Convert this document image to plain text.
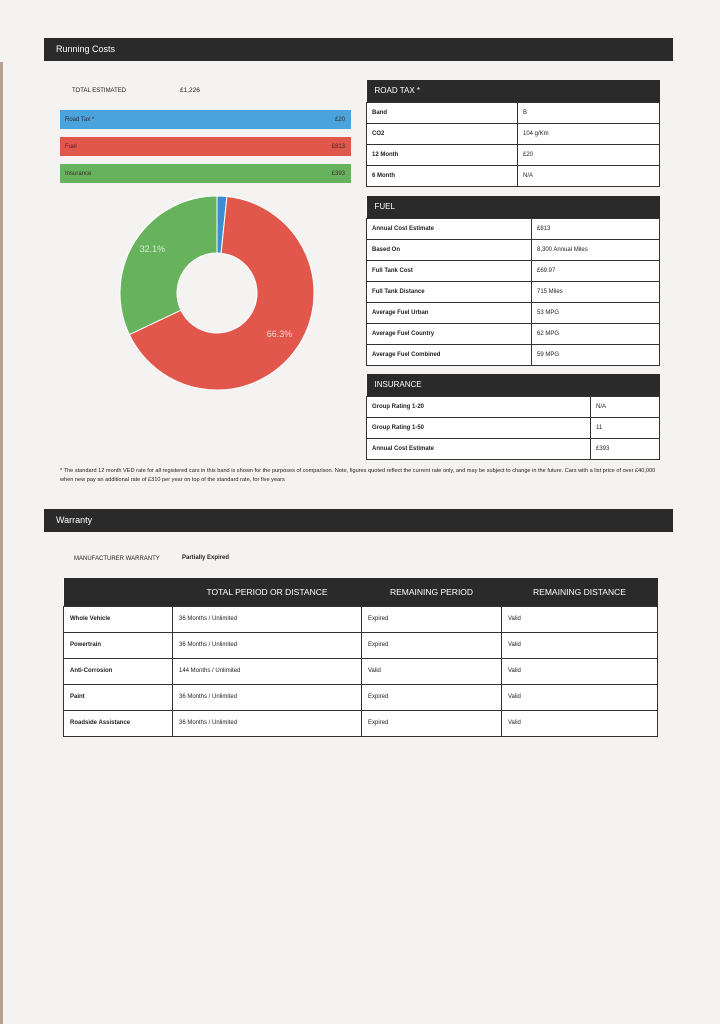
Running Costs
TOTAL ESTIMATED	£1,226
Road Tax *	£20
Fuel	£813
Insurance	£393
66.3%
32.1%
ROAD TAX *	
Band	B
CO2	104 g/Km
12 Month	£20
6 Month	N/A
FUEL	
Annual Cost Estimate	£813
Based On	8,300 Annual Miles
Full Tank Cost	£69.97
Full Tank Distance	715 Miles
Average Fuel Urban	53 MPG
Average Fuel Country	62 MPG
Average Fuel Combined	59 MPG
INSURANCE	
Group Rating 1-20	N/A
Group Rating 1-50	11
Annual Cost Estimate	£393
* The standard 12 month VED rate for all registered cars in this band is shown for the purposes of comparison. Note, figures quoted reflect the current rate only, and may be subject to change in the future. Cars with a list price of over £40,000 when new pay an additional rate of £310 per year on top of the standard rate, for five years
Warranty
MANUFACTURER WARRANTY	Partially Expired
	TOTAL PERIOD OR DISTANCE	REMAINING PERIOD	REMAINING DISTANCE
Whole Vehicle	36 Months / Unlimited	Expired	Valid
Powertrain	36 Months / Unlimited	Expired	Valid
Anti-Corrosion	144 Months / Unlimited	Valid	Valid
Paint	36 Months / Unlimited	Expired	Valid
Roadside Assistance	36 Months / Unlimited	Expired	Valid
